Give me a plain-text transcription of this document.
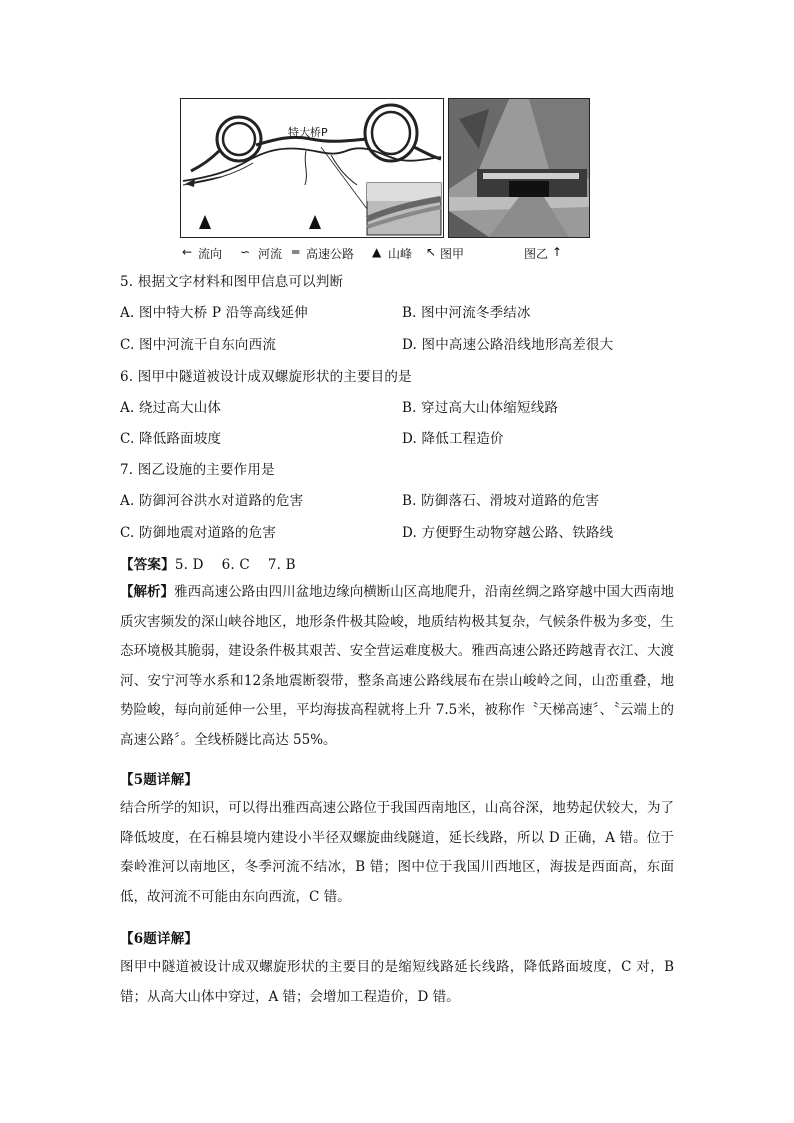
特大桥P
← 流向 ∽ 河流 ═ 高速公路 ▲ 山峰 ↖ 图甲	图乙 ↑
5. 根据文字材料和图甲信息可以判断
A. 图中特大桥 P 沿等高线延伸	B. 图中河流冬季结冰
C. 图中河流干自东向西流	D. 图中高速公路沿线地形高差很大
6. 图甲中隧道被设计成双螺旋形状的主要目的是
A. 绕过高大山体	B. 穿过高大山体缩短线路
C. 降低路面坡度	D. 降低工程造价
7. 图乙设施的主要作用是
A. 防御河谷洪水对道路的危害	B. 防御落石、滑坡对道路的危害
C. 防御地震对道路的危害	D. 方便野生动物穿越公路、铁路线
【答案】5. D    6. C    7. B
【解析】雅西高速公路由四川盆地边缘向横断山区高地爬升，沿南丝绸之路穿越中国大西南地质灾害频发的深山峡谷地区，地形条件极其险峻，地质结构极其复杂，气候条件极为多变，生态环境极其脆弱，建设条件极其艰苦、安全营运难度极大。雅西高速公路还跨越青衣江、大渡河、安宁河等水系和12条地震断裂带，整条高速公路线展布在崇山峻岭之间，山峦重叠，地势险峻，每向前延伸一公里，平均海拔高程就将上升 7.5米，被称作〝天梯高速〞、〝云端上的高速公路〞。全线桥隧比高达 55%。
【5题详解】
结合所学的知识，可以得出雅西高速公路位于我国西南地区，山高谷深，地势起伏较大，为了降低坡度，在石棉县境内建设小半径双螺旋曲线隧道，延长线路，所以 D 正确，A 错。位于秦岭淮河以南地区，冬季河流不结冰，B 错；图中位于我国川西地区，海拔是西面高，东面低，故河流不可能由东向西流，C 错。
【6题详解】
图甲中隧道被设计成双螺旋形状的主要目的是缩短线路延长线路，降低路面坡度，C 对，B 错；从高大山体中穿过，A 错；会增加工程造价，D 错。
